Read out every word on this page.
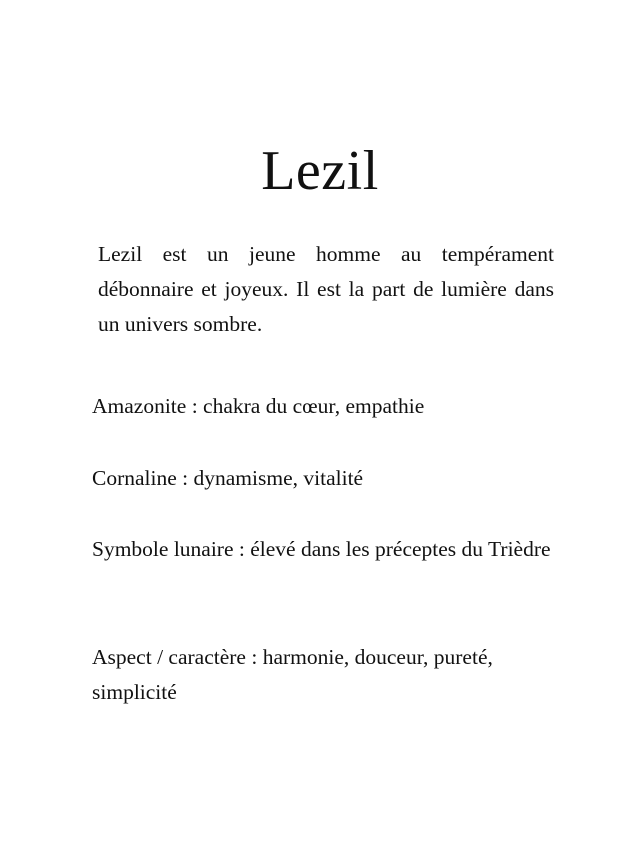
Lezil

Lezil est un jeune homme au tempérament débonnaire et joyeux. Il est la part de lumière dans un univers sombre.

Amazonite : chakra du cœur, empathie

Cornaline : dynamisme, vitalité

Symbole lunaire : élevé dans les préceptes du Trièdre

Aspect / caractère : harmonie, douceur, pureté, simplicité
